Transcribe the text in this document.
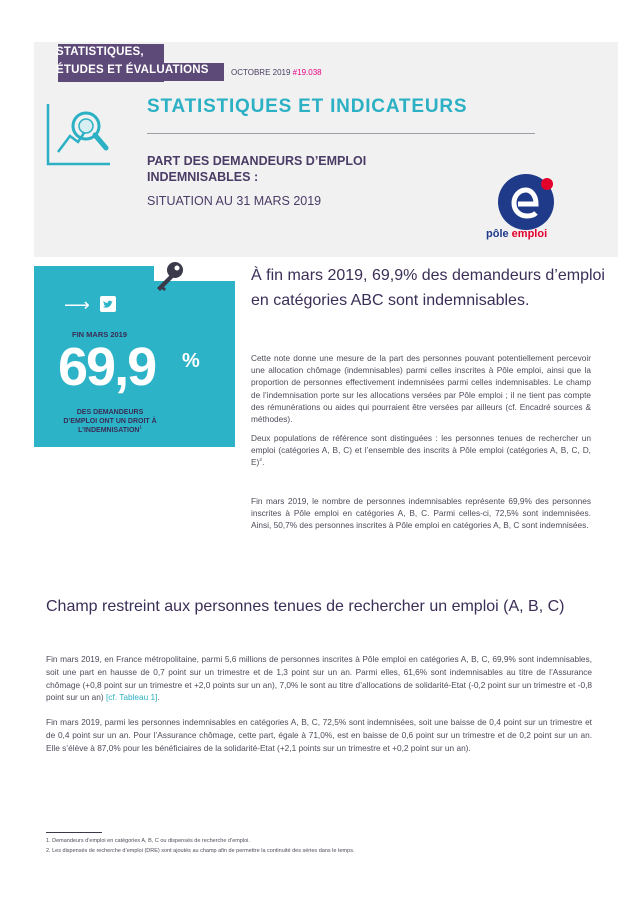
STATISTIQUES,
ÉTUDES ET ÉVALUATIONS	OCTOBRE 2019 #19.038
STATISTIQUES ET INDICATEURS
PART DES DEMANDEURS D’EMPLOI INDEMNISABLES :
SITUATION AU 31 MARS 2019
pôle emploi
⟶
FIN MARS 2019
69,9 %
DES DEMANDEURS D’EMPLOI ONT UN DROIT À L’INDEMNISATION$^1$
À fin mars 2019, 69,9% des demandeurs d’emploi en catégories ABC sont indemnisables.
Cette note donne une mesure de la part des personnes pouvant potentiellement percevoir une allocation chômage (indemnisables) parmi celles inscrites à Pôle emploi, ainsi que la proportion de personnes effectivement indemnisées parmi celles indemnisables. Le champ de l’indemnisation porte sur les allocations versées par Pôle emploi ; il ne tient pas compte des rémunérations ou aides qui pourraient être versées par ailleurs (cf. Encadré sources & méthodes).
Deux populations de référence sont distinguées : les personnes tenues de rechercher un emploi (catégories A, B, C) et l’ensemble des inscrits à Pôle emploi (catégories A, B, C, D, E)$^2$.
Fin mars 2019, le nombre de personnes indemnisables représente 69,9% des personnes inscrites à Pôle emploi en catégories A, B, C. Parmi celles-ci, 72,5% sont indemnisées. Ainsi, 50,7% des personnes inscrites à Pôle emploi en catégories A, B, C sont indemnisées.
Champ restreint aux personnes tenues de rechercher un emploi (A, B, C)
Fin mars 2019, en France métropolitaine, parmi 5,6 millions de personnes inscrites à Pôle emploi en catégories A, B, C, 69,9% sont indemnisables, soit une part en hausse de 0,7 point sur un trimestre et de 1,3 point sur un an. Parmi elles, 61,6% sont indemnisables au titre de l’Assurance chômage (+0,8 point sur un trimestre et +2,0 points sur un an), 7,0% le sont au titre d’allocations de solidarité-Etat (-0,2 point sur un trimestre et -0,8 point sur un an) [cf. Tableau 1].
Fin mars 2019, parmi les personnes indemnisables en catégories A, B, C, 72,5% sont indemnisées, soit une baisse de 0,4 point sur un trimestre et de 0,4 point sur un an. Pour l’Assurance chômage, cette part, égale à 71,0%, est en baisse de 0,6 point sur un trimestre et de 0,2 point sur un an. Elle s’élève à 87,0% pour les bénéficiaires de la solidarité-Etat (+2,1 points sur un trimestre et +0,2 point sur un an).
1. Demandeurs d’emploi en catégories A, B, C ou dispensés de recherche d’emploi.
2. Les dispensés de recherche d’emploi (DRE) sont ajoutés au champ afin de permettre la continuité des séries dans le temps.
